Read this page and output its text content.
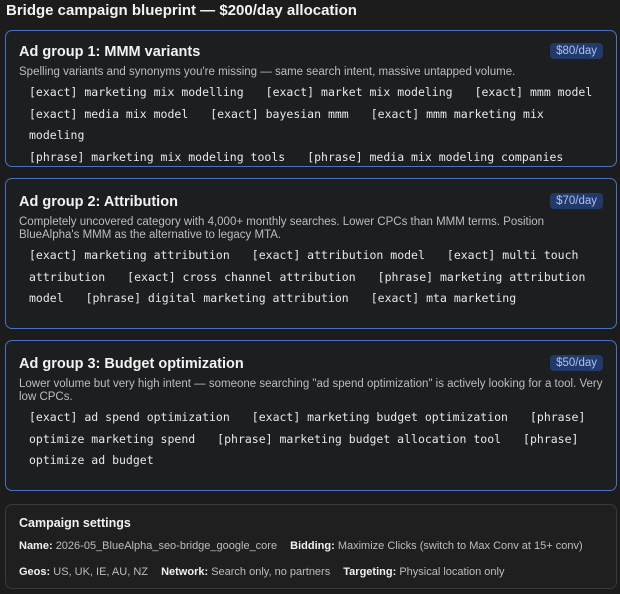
Bridge campaign blueprint — $200/day allocation
Ad group 1: MMM variants	$80/day
Spelling variants and synonyms you're missing — same search intent, massive untapped volume.
[exact] marketing mix modelling [exact] market mix modeling [exact] mmm model
[exact] media mix model [exact] bayesian mmm [exact] mmm marketing mix modeling
[phrase] marketing mix modeling tools [phrase] media mix modeling companies
Ad group 2: Attribution	$70/day
Completely uncovered category with 4,000+ monthly searches. Lower CPCs than MMM terms. Position BlueAlpha's MMM as the alternative to legacy MTA.
[exact] marketing attribution [exact] attribution model [exact] multi touch attribution [exact] cross channel attribution [phrase] marketing attribution model [phrase] digital marketing attribution [exact] mta marketing
Ad group 3: Budget optimization	$50/day
Lower volume but very high intent — someone searching "ad spend optimization" is actively looking for a tool. Very low CPCs.
[exact] ad spend optimization [exact] marketing budget optimization [phrase] optimize marketing spend [phrase] marketing budget allocation tool [phrase] optimize ad budget
Campaign settings
Name: 2026-05_BlueAlpha_seo-bridge_google_core Bidding: Maximize Clicks (switch to Max Conv at 15+ conv)
Geos: US, UK, IE, AU, NZ Network: Search only, no partners Targeting: Physical location only
